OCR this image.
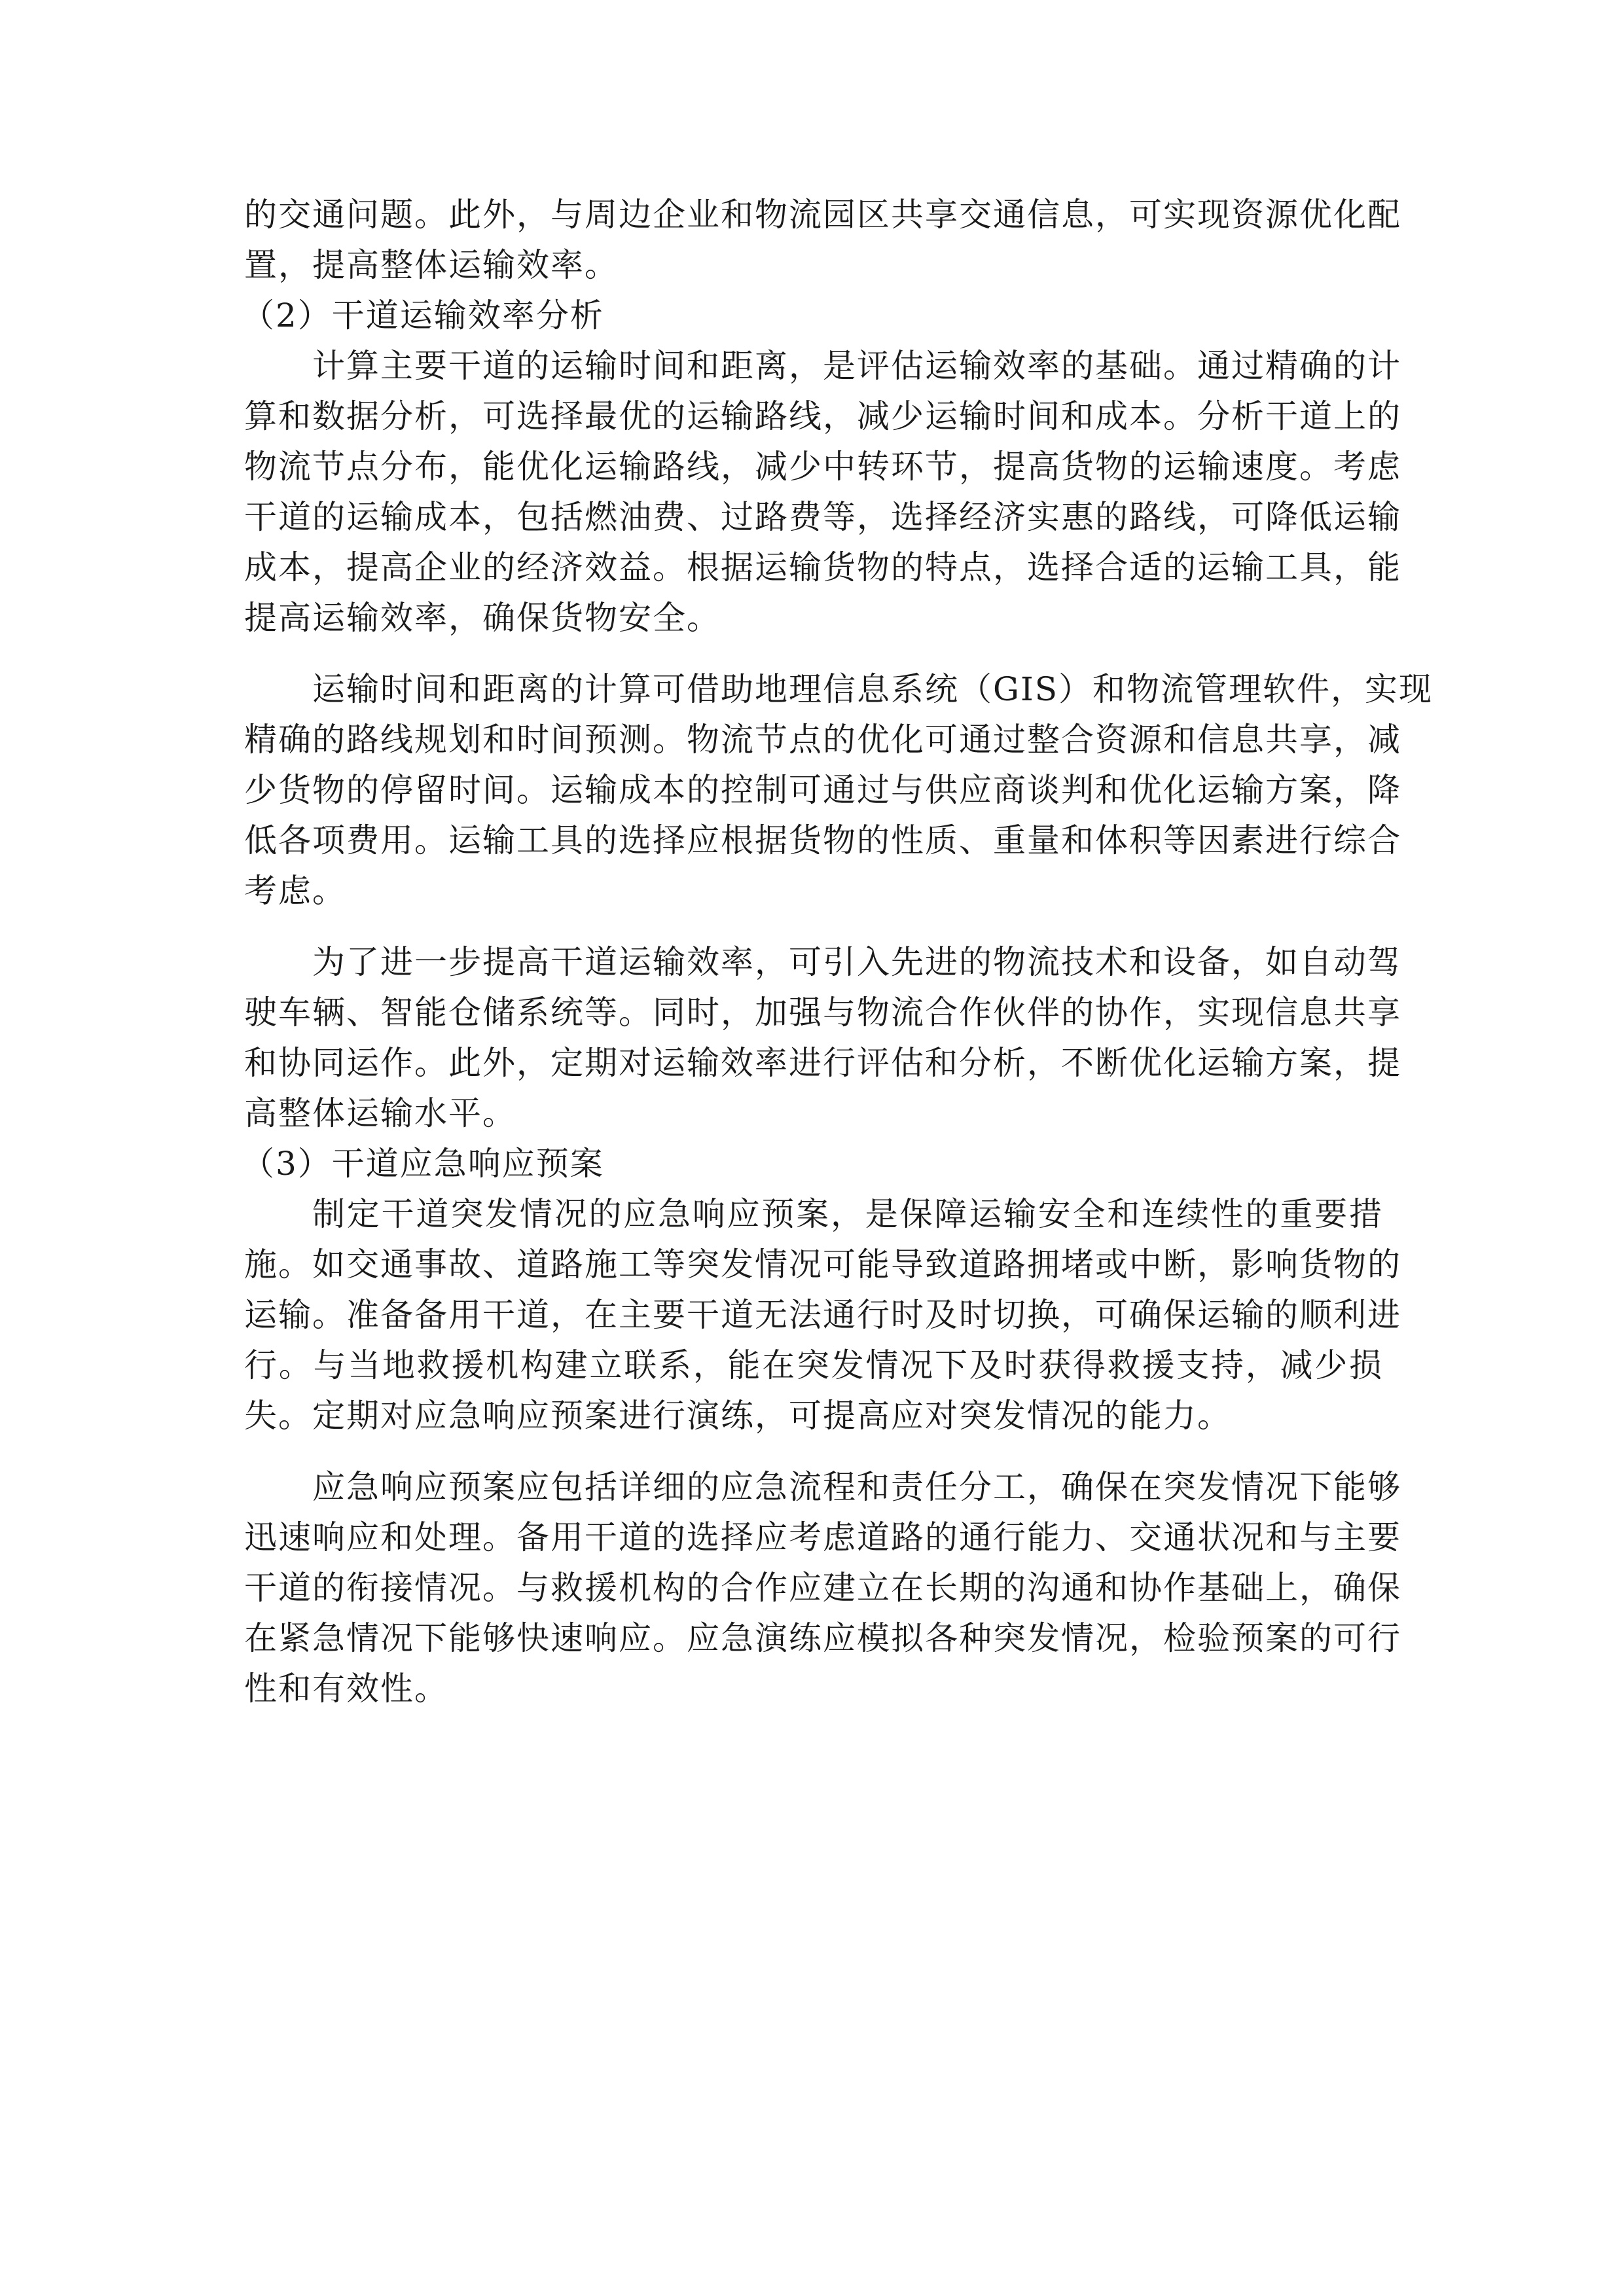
的交通问题。此外，与周边企业和物流园区共享交通信息，可实现资源优化配
置，提高整体运输效率。
（2）干道运输效率分析
计算主要干道的运输时间和距离，是评估运输效率的基础。通过精确的计
算和数据分析，可选择最优的运输路线，减少运输时间和成本。分析干道上的
物流节点分布，能优化运输路线，减少中转环节，提高货物的运输速度。考虑
干道的运输成本，包括燃油费、过路费等，选择经济实惠的路线，可降低运输
成本，提高企业的经济效益。根据运输货物的特点，选择合适的运输工具，能
提高运输效率，确保货物安全。
运输时间和距离的计算可借助地理信息系统（GIS）和物流管理软件，实现
精确的路线规划和时间预测。物流节点的优化可通过整合资源和信息共享，减
少货物的停留时间。运输成本的控制可通过与供应商谈判和优化运输方案，降
低各项费用。运输工具的选择应根据货物的性质、重量和体积等因素进行综合
考虑。
为了进一步提高干道运输效率，可引入先进的物流技术和设备，如自动驾
驶车辆、智能仓储系统等。同时，加强与物流合作伙伴的协作，实现信息共享
和协同运作。此外，定期对运输效率进行评估和分析，不断优化运输方案，提
高整体运输水平。
（3）干道应急响应预案
制定干道突发情况的应急响应预案，是保障运输安全和连续性的重要措
施。如交通事故、道路施工等突发情况可能导致道路拥堵或中断，影响货物的
运输。准备备用干道，在主要干道无法通行时及时切换，可确保运输的顺利进
行。与当地救援机构建立联系，能在突发情况下及时获得救援支持，减少损
失。定期对应急响应预案进行演练，可提高应对突发情况的能力。
应急响应预案应包括详细的应急流程和责任分工，确保在突发情况下能够
迅速响应和处理。备用干道的选择应考虑道路的通行能力、交通状况和与主要
干道的衔接情况。与救援机构的合作应建立在长期的沟通和协作基础上，确保
在紧急情况下能够快速响应。应急演练应模拟各种突发情况，检验预案的可行
性和有效性。
